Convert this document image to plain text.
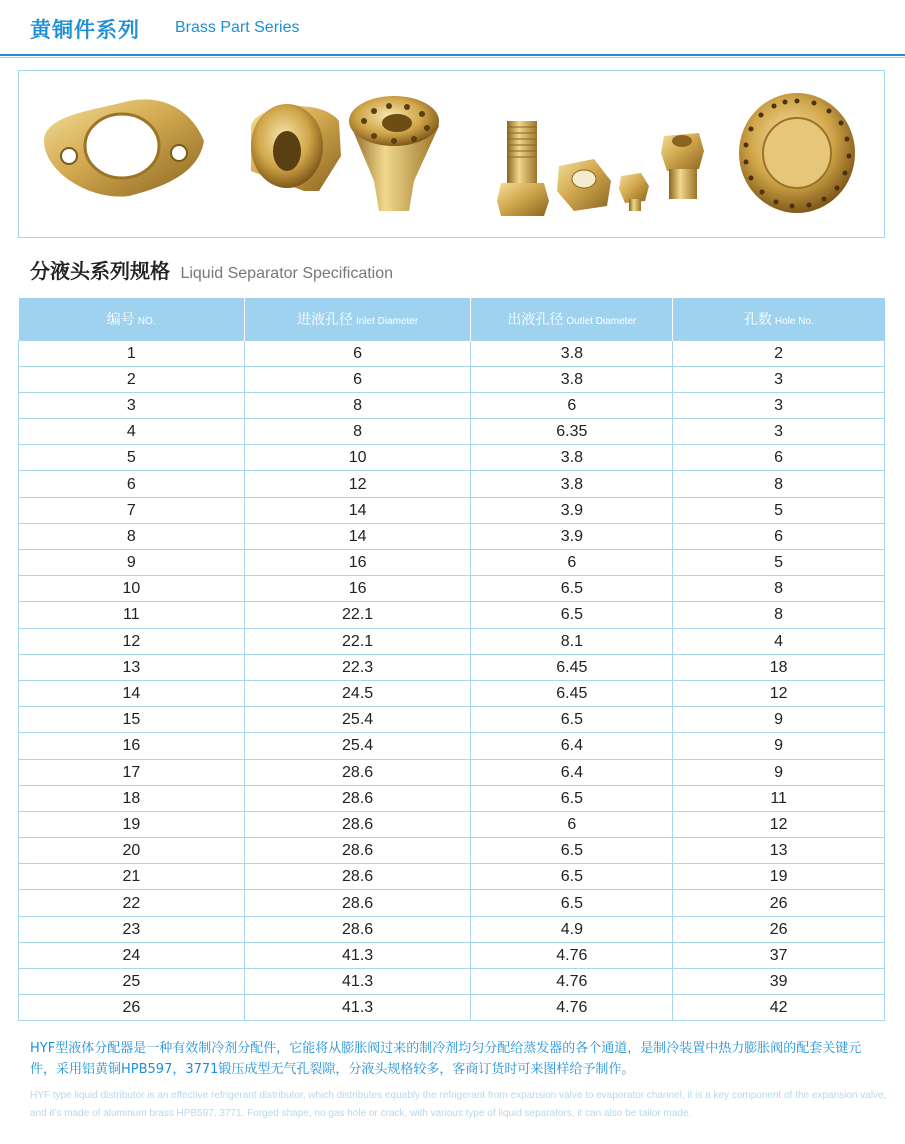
黄铜件系列 Brass Part Series
分液头系列规格 Liquid Separator Specification
编号 NO.	进液孔径 Inlet Diameter	出液孔径 Outlet Diameter	孔数 Hole No.
1	6	3.8	2
2	6	3.8	3
3	8	6	3
4	8	6.35	3
5	10	3.8	6
6	12	3.8	8
7	14	3.9	5
8	14	3.9	6
9	16	6	5
10	16	6.5	8
11	22.1	6.5	8
12	22.1	8.1	4
13	22.3	6.45	18
14	24.5	6.45	12
15	25.4	6.5	9
16	25.4	6.4	9
17	28.6	6.4	9
18	28.6	6.5	11
19	28.6	6	12
20	28.6	6.5	13
21	28.6	6.5	19
22	28.6	6.5	26
23	28.6	4.9	26
24	41.3	4.76	37
25	41.3	4.76	39
26	41.3	4.76	42
HYF型液体分配器是一种有效制冷剂分配件，它能将从膨胀阀过来的制冷剂均匀分配给蒸发器的各个通道，是制冷装置中热力膨胀阀的配套关键元件，采用铝黄铜HPB597，3771锻压成型无气孔裂隙，分液头规格较多，客商订货时可来图样给予制作。
HYF type liquid distributor is an effective refrigerant distributor, which distributes equably the refrigerant from expansion valve to evaporator channel, it is a key component of the expansion valve, and it’s made of aluminum brass HPB597, 3771. Forged shape, no gas hole or crack, with various type of liquid separators, it can also be tailor made.
